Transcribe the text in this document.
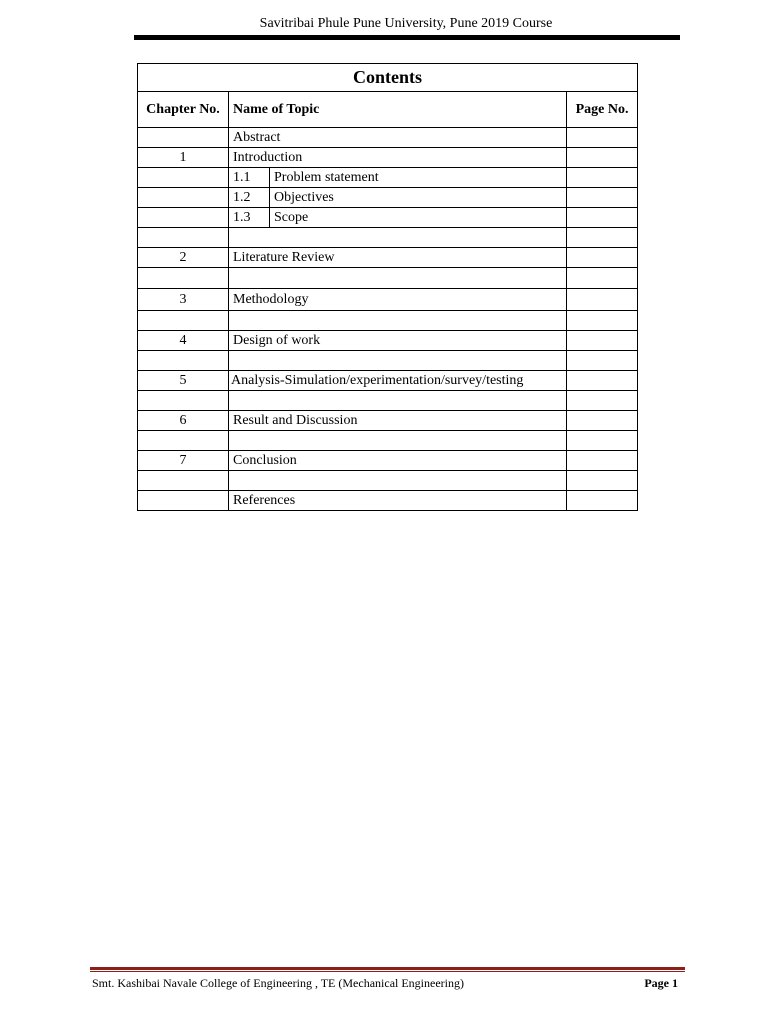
Savitribai Phule Pune University, Pune 2019 Course
Contents			
Chapter No.	Name of Topic		Page No.
	Abstract		
1	Introduction		
	1.1	Problem statement	
	1.2	Objectives	
	1.3	Scope	

2	Literature Review		

3	Methodology		

4	Design of work		

5	Analysis-Simulation/experimentation/survey/testing		

6	Result and Discussion		

7	Conclusion		

	References		
Smt. Kashibai Navale College of Engineering , TE (Mechanical Engineering)	Page 1
